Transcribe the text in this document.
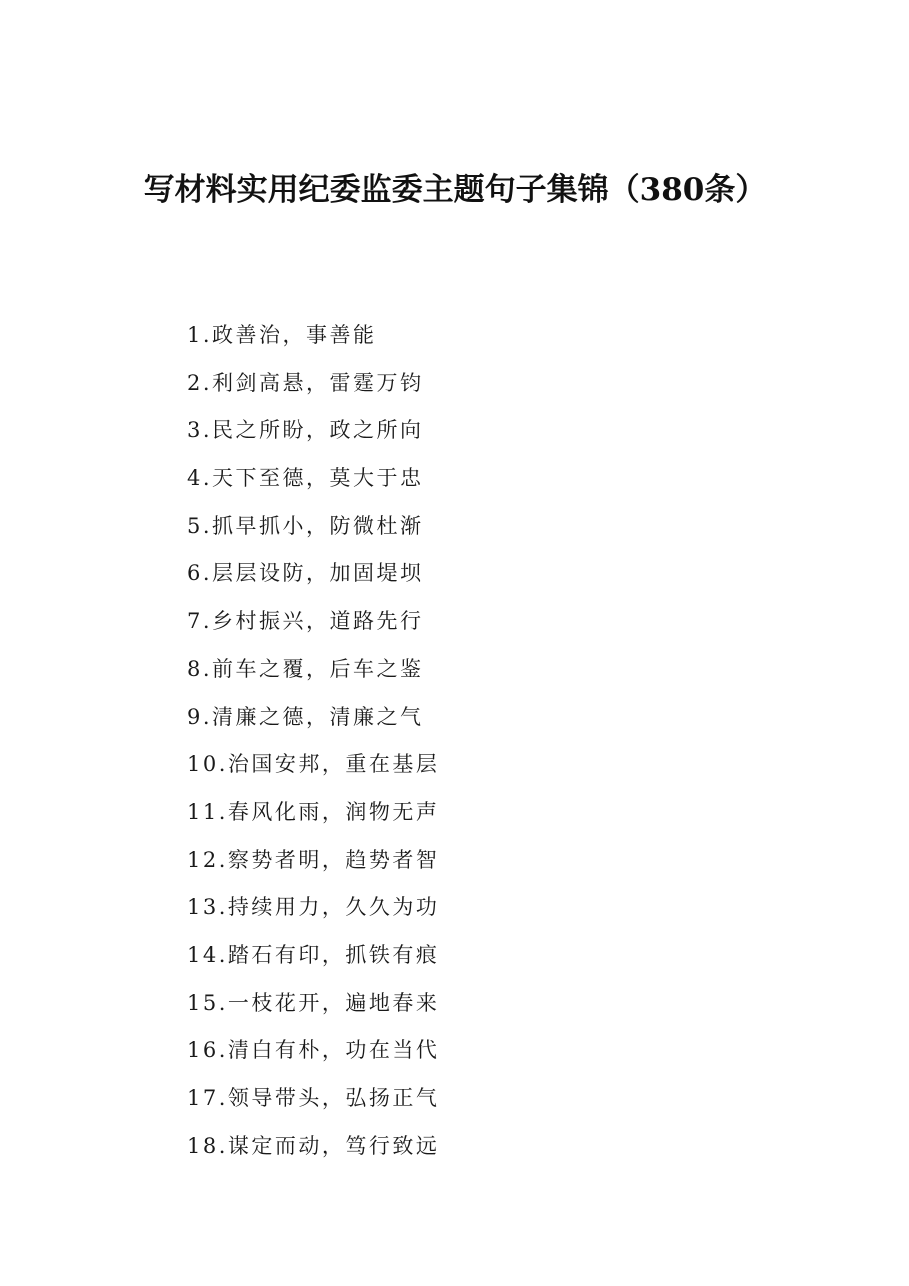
写材料实用纪委监委主题句子集锦（380条）
1.政善治，事善能
2.利剑高悬，雷霆万钧
3.民之所盼，政之所向
4.天下至德，莫大于忠
5.抓早抓小，防微杜渐
6.层层设防，加固堤坝
7.乡村振兴，道路先行
8.前车之覆，后车之鉴
9.清廉之德，清廉之气
10.治国安邦，重在基层
11.春风化雨，润物无声
12.察势者明，趋势者智
13.持续用力，久久为功
14.踏石有印，抓铁有痕
15.一枝花开，遍地春来
16.清白有朴，功在当代
17.领导带头，弘扬正气
18.谋定而动，笃行致远
